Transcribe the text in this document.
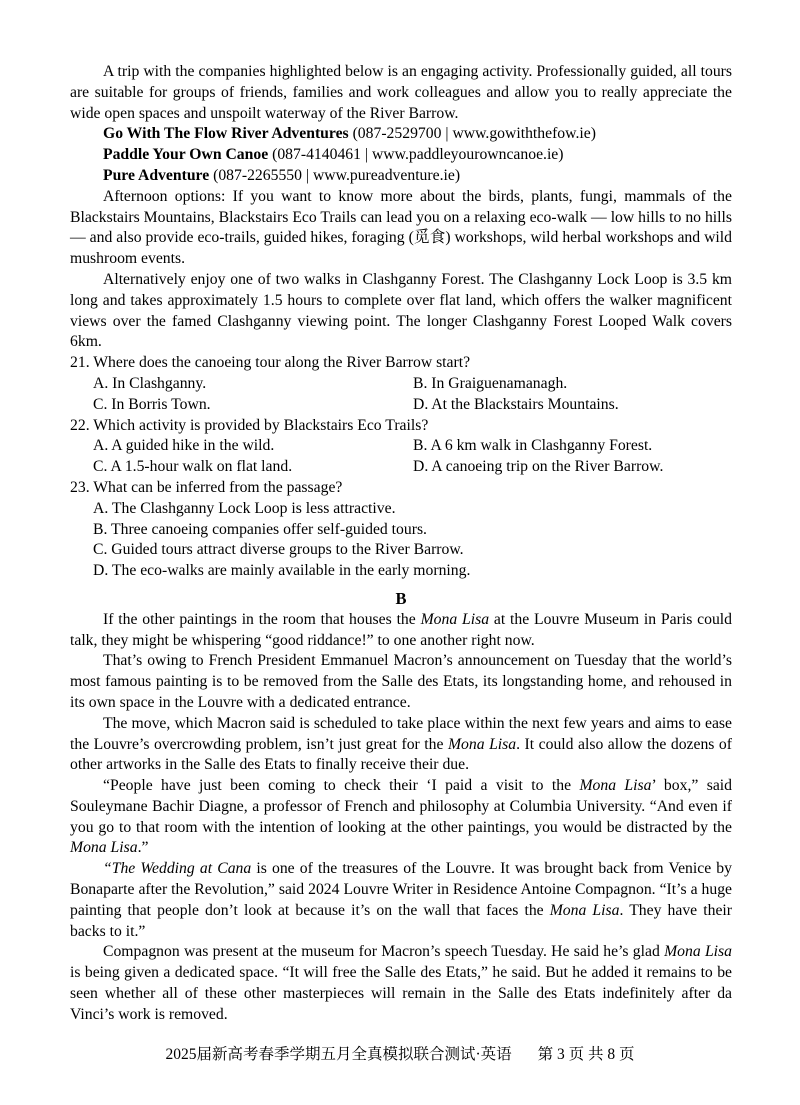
A trip with the companies highlighted below is an engaging activity. Professionally guided, all tours are suitable for groups of friends, families and work colleagues and allow you to really appreciate the wide open spaces and unspoilt waterway of the River Barrow.
Go With The Flow River Adventures (087-2529700 | www.gowiththefow.ie)
Paddle Your Own Canoe (087-4140461 | www.paddleyourowncanoe.ie)
Pure Adventure (087-2265550 | www.pureadventure.ie)
Afternoon options: If you want to know more about the birds, plants, fungi, mammals of the Blackstairs Mountains, Blackstairs Eco Trails can lead you on a relaxing eco-walk — low hills to no hills — and also provide eco-trails, guided hikes, foraging (觅食) workshops, wild herbal workshops and wild mushroom events.
Alternatively enjoy one of two walks in Clashganny Forest. The Clashganny Lock Loop is 3.5 km long and takes approximately 1.5 hours to complete over flat land, which offers the walker magnificent views over the famed Clashganny viewing point. The longer Clashganny Forest Looped Walk covers 6km.
21. Where does the canoeing tour along the River Barrow start?
A. In Clashganny.	B. In Graiguenamanagh.
C. In Borris Town.	D. At the Blackstairs Mountains.
22. Which activity is provided by Blackstairs Eco Trails?
A. A guided hike in the wild.	B. A 6 km walk in Clashganny Forest.
C. A 1.5-hour walk on flat land.	D. A canoeing trip on the River Barrow.
23. What can be inferred from the passage?
A. The Clashganny Lock Loop is less attractive.
B. Three canoeing companies offer self-guided tours.
C. Guided tours attract diverse groups to the River Barrow.
D. The eco-walks are mainly available in the early morning.
B
If the other paintings in the room that houses the Mona Lisa at the Louvre Museum in Paris could talk, they might be whispering “good riddance!” to one another right now.
That’s owing to French President Emmanuel Macron’s announcement on Tuesday that the world’s most famous painting is to be removed from the Salle des Etats, its longstanding home, and rehoused in its own space in the Louvre with a dedicated entrance.
The move, which Macron said is scheduled to take place within the next few years and aims to ease the Louvre’s overcrowding problem, isn’t just great for the Mona Lisa. It could also allow the dozens of other artworks in the Salle des Etats to finally receive their due.
“People have just been coming to check their ‘I paid a visit to the Mona Lisa’ box,” said Souleymane Bachir Diagne, a professor of French and philosophy at Columbia University. “And even if you go to that room with the intention of looking at the other paintings, you would be distracted by the Mona Lisa.”
“The Wedding at Cana is one of the treasures of the Louvre. It was brought back from Venice by Bonaparte after the Revolution,” said 2024 Louvre Writer in Residence Antoine Compagnon. “It’s a huge painting that people don’t look at because it’s on the wall that faces the Mona Lisa. They have their backs to it.”
Compagnon was present at the museum for Macron’s speech Tuesday. He said he’s glad Mona Lisa is being given a dedicated space. “It will free the Salle des Etats,” he said. But he added it remains to be seen whether all of these other masterpieces will remain in the Salle des Etats indefinitely after da Vinci’s work is removed.
2025届新高考春季学期五月全真模拟联合测试·英语 第 3 页 共 8 页
